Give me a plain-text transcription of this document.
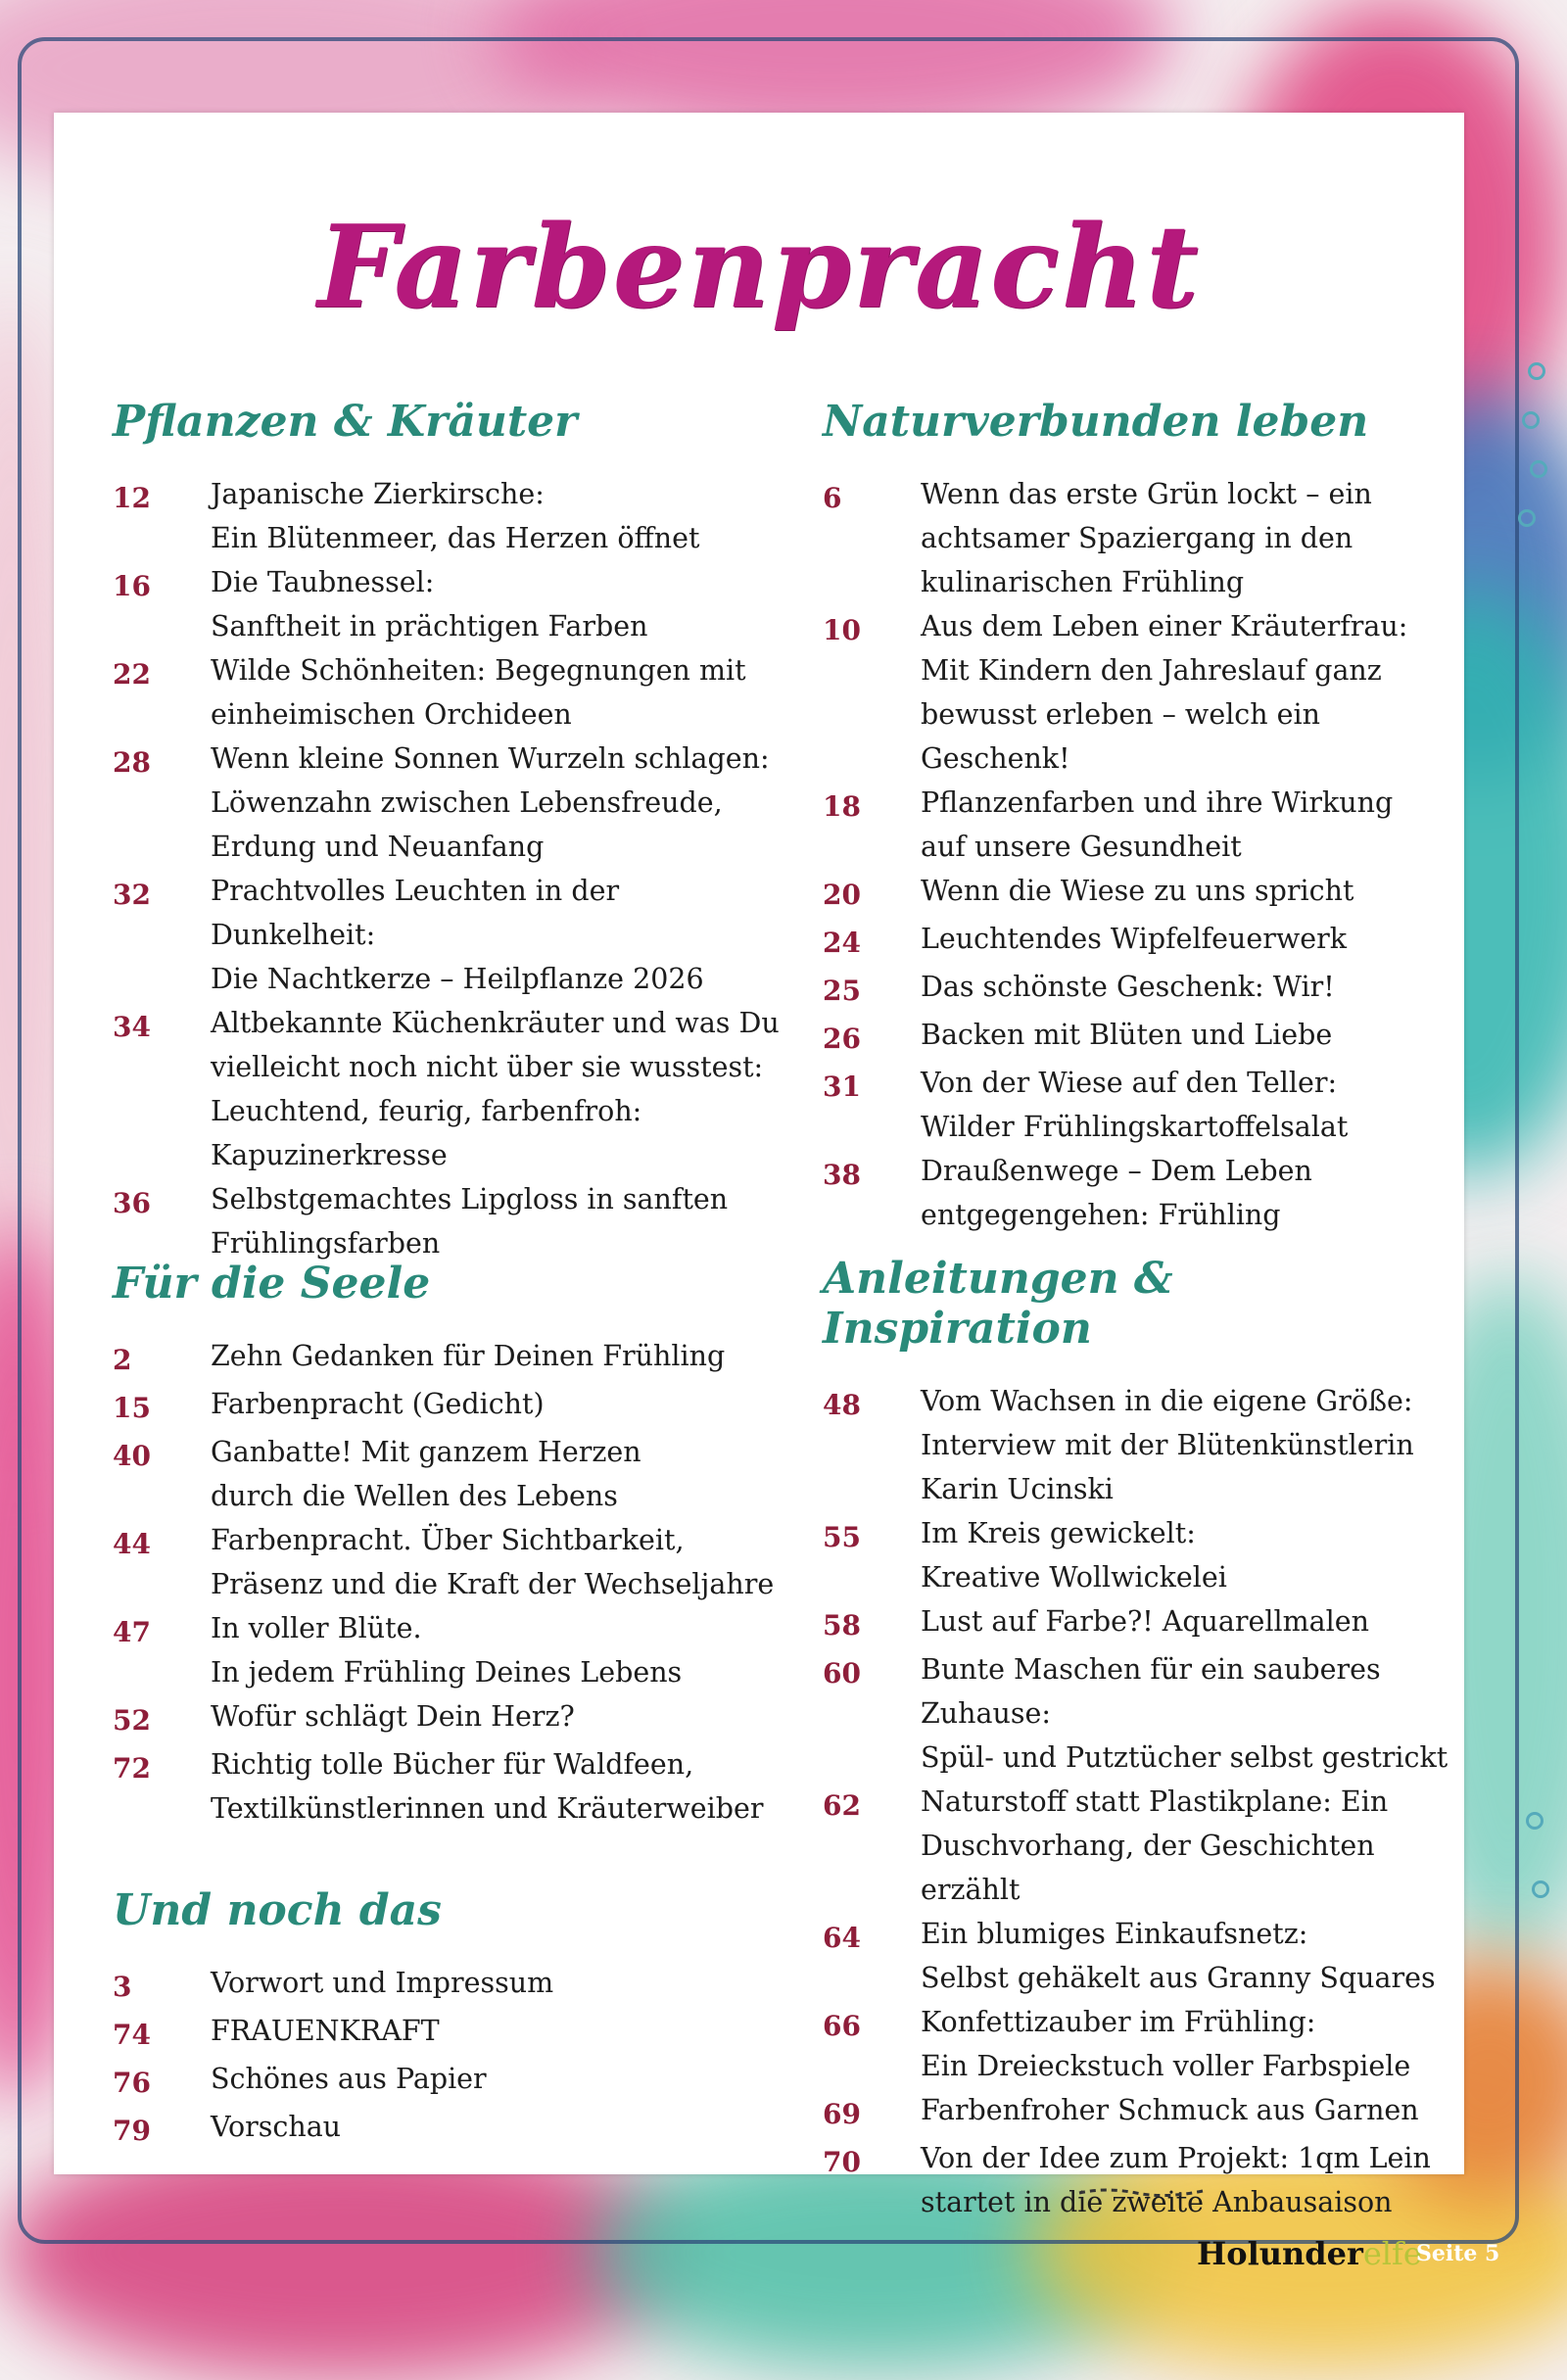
Farbenpracht
Pflanzen & Kräuter
12	Japanische Zierkirsche:
Ein Blütenmeer, das Herzen öffnet
16	Die Taubnessel:
Sanftheit in prächtigen Farben
22	Wilde Schönheiten: Begegnungen mit
einheimischen Orchideen
28	Wenn kleine Sonnen Wurzeln schlagen:
Löwenzahn zwischen Lebensfreude,
Erdung und Neuanfang
32	Prachtvolles Leuchten in der Dunkelheit:
Die Nachtkerze – Heilpflanze 2026
34	Altbekannte Küchenkräuter und was Du
vielleicht noch nicht über sie wusstest:
Leuchtend, feurig, farbenfroh:
Kapuzinerkresse
36	Selbstgemachtes Lipgloss in sanften
Frühlingsfarben
Für die Seele
2	Zehn Gedanken für Deinen Frühling
15	Farbenpracht (Gedicht)
40	Ganbatte! Mit ganzem Herzen
durch die Wellen des Lebens
44	Farbenpracht. Über Sichtbarkeit,
Präsenz und die Kraft der Wechseljahre
47	In voller Blüte.
In jedem Frühling Deines Lebens
52	Wofür schlägt Dein Herz?
72	Richtig tolle Bücher für Waldfeen,
Textilkünstlerinnen und Kräuterweiber
Und noch das
3	Vorwort und Impressum
74	FRAUENKRAFT
76	Schönes aus Papier
79	Vorschau
Naturverbunden leben
6	Wenn das erste Grün lockt – ein
achtsamer Spaziergang in den
kulinarischen Frühling
10	Aus dem Leben einer Kräuterfrau:
Mit Kindern den Jahreslauf ganz
bewusst erleben – welch ein Geschenk!
18	Pflanzenfarben und ihre Wirkung
auf unsere Gesundheit
20	Wenn die Wiese zu uns spricht
24	Leuchtendes Wipfelfeuerwerk
25	Das schönste Geschenk: Wir!
26	Backen mit Blüten und Liebe
31	Von der Wiese auf den Teller:
Wilder Frühlingskartoffelsalat
38	Draußenwege – Dem Leben
entgegengehen: Frühling
Anleitungen & Inspiration
48	Vom Wachsen in die eigene Größe:
Interview mit der Blütenkünstlerin
Karin Ucinski
55	Im Kreis gewickelt:
Kreative Wollwickelei
58	Lust auf Farbe?! Aquarellmalen
60	Bunte Maschen für ein sauberes Zuhause:
Spül- und Putztücher selbst gestrickt
62	Naturstoff statt Plastikplane: Ein
Duschvorhang, der Geschichten erzählt
64	Ein blumiges Einkaufsnetz:
Selbst gehäkelt aus Granny Squares
66	Konfettizauber im Frühling:
Ein Dreieckstuch voller Farbspiele
69	Farbenfroher Schmuck aus Garnen
70	Von der Idee zum Projekt: 1qm Lein
startet in die zweite Anbausaison
Holunderelfe
Seite 5
